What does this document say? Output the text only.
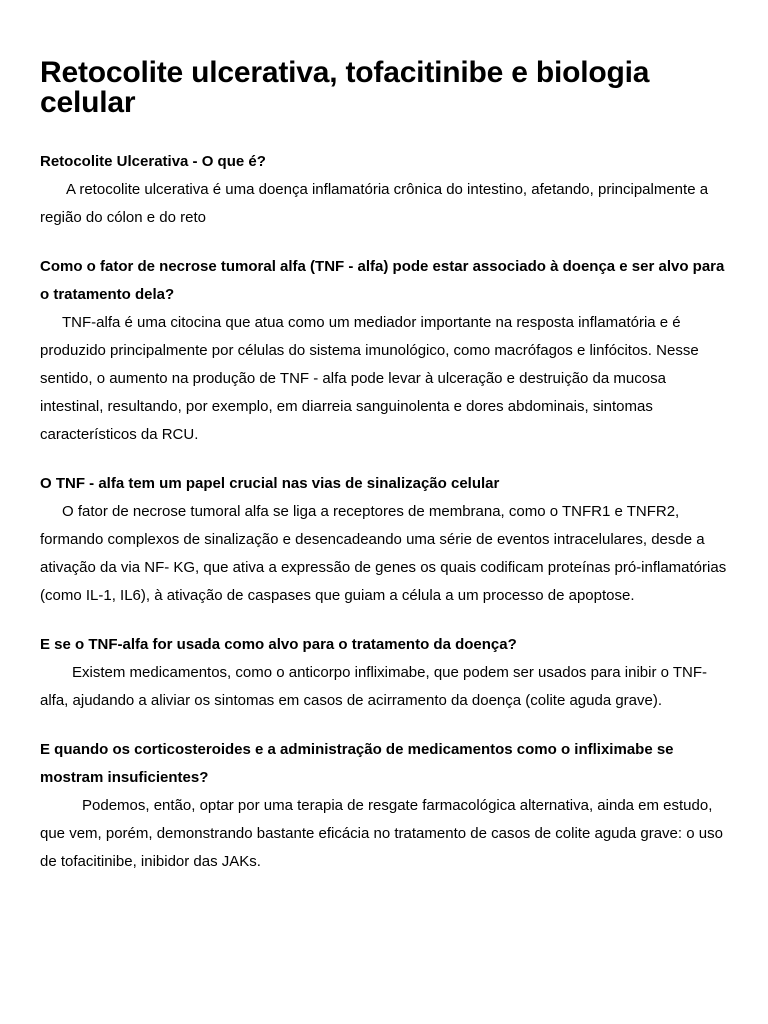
Retocolite ulcerativa, tofacitinibe e biologia celular

Retocolite Ulcerativa - O que é?

A retocolite ulcerativa é uma doença inflamatória crônica do intestino, afetando, principalmente a região do cólon e do reto

Como o fator de necrose tumoral alfa (TNF - alfa) pode estar associado à doença e ser alvo para o tratamento dela?

TNF-alfa é uma citocina que atua como um mediador importante na resposta inflamatória e é produzido principalmente por células do sistema imunológico, como macrófagos e linfócitos. Nesse sentido, o aumento na produção de TNF - alfa pode levar à ulceração e destruição da mucosa intestinal, resultando, por exemplo, em diarreia sanguinolenta e dores abdominais, sintomas característicos da RCU.

O TNF - alfa tem um papel crucial nas vias de sinalização celular

O fator de necrose tumoral alfa se liga a receptores de membrana, como o TNFR1 e TNFR2, formando complexos de sinalização e desencadeando uma série de eventos intracelulares, desde a ativação da via NF- KG, que ativa a expressão de genes os quais codificam proteínas pró-inflamatórias (como IL-1, IL6), à ativação de caspases que guiam a célula a um processo de apoptose.

E se o TNF-alfa for usada como alvo para o tratamento da doença?

Existem medicamentos, como o anticorpo infliximabe, que podem ser usados para inibir o TNF-alfa, ajudando a aliviar os sintomas em casos de acirramento da doença (colite aguda grave).

E quando os corticosteroides e a administração de medicamentos como o infliximabe se mostram insuficientes?

Podemos, então, optar por uma terapia de resgate farmacológica alternativa, ainda em estudo, que vem, porém, demonstrando bastante eficácia no tratamento de casos de colite aguda grave: o uso de tofacitinibe, inibidor das JAKs.
